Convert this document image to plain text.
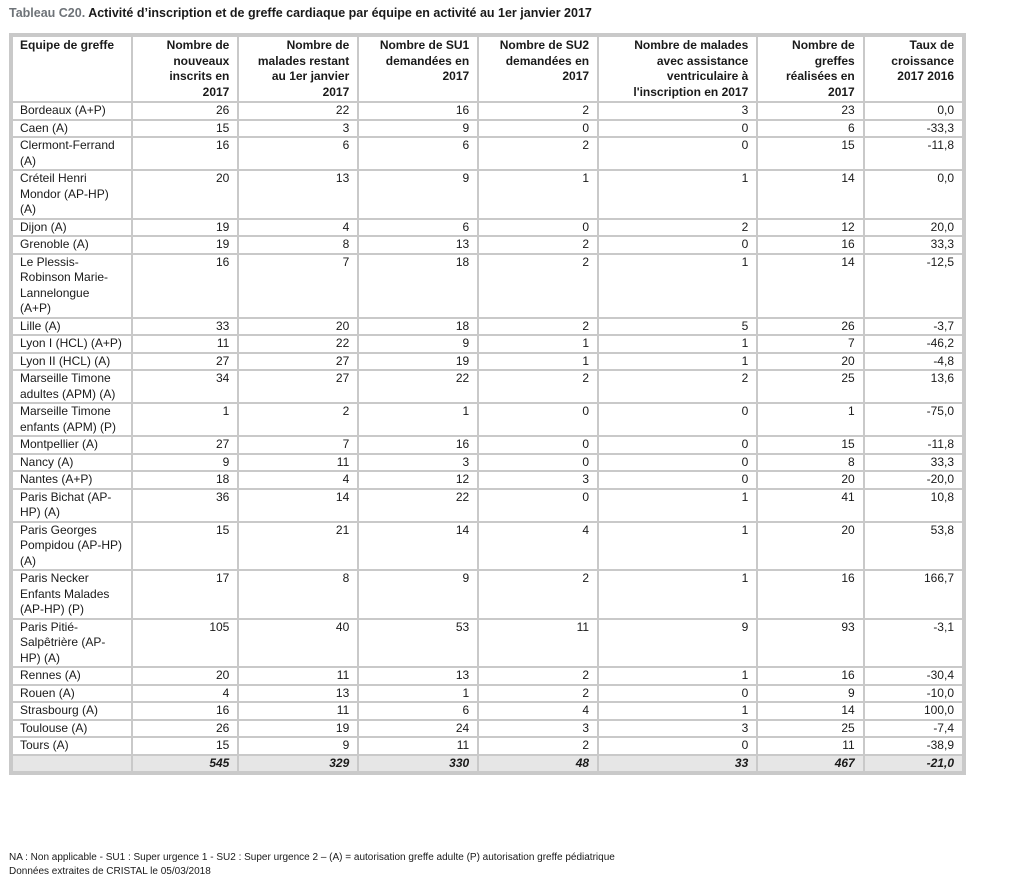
Tableau C20. Activité d’inscription et de greffe cardiaque par équipe en activité au 1er janvier 2017
Equipe de greffe	Nombre de nouveaux inscrits en 2017	Nombre de malades restant au 1er janvier 2017	Nombre de SU1 demandées en 2017	Nombre de SU2 demandées en 2017	Nombre de malades avec assistance ventriculaire à l'inscription en 2017	Nombre de greffes réalisées en 2017	Taux de croissance 2017 2016
Bordeaux (A+P)	26	22	16	2	3	23	0,0
Caen (A)	15	3	9	0	0	6	-33,3
Clermont-Ferrand (A)	16	6	6	2	0	15	-11,8
Créteil Henri Mondor (AP-HP) (A)	20	13	9	1	1	14	0,0
Dijon (A)	19	4	6	0	2	12	20,0
Grenoble (A)	19	8	13	2	0	16	33,3
Le Plessis-Robinson Marie-Lannelongue (A+P)	16	7	18	2	1	14	-12,5
Lille (A)	33	20	18	2	5	26	-3,7
Lyon I (HCL) (A+P)	11	22	9	1	1	7	-46,2
Lyon II (HCL) (A)	27	27	19	1	1	20	-4,8
Marseille Timone adultes (APM) (A)	34	27	22	2	2	25	13,6
Marseille Timone enfants (APM) (P)	1	2	1	0	0	1	-75,0
Montpellier (A)	27	7	16	0	0	15	-11,8
Nancy (A)	9	11	3	0	0	8	33,3
Nantes (A+P)	18	4	12	3	0	20	-20,0
Paris Bichat (AP-HP) (A)	36	14	22	0	1	41	10,8
Paris Georges Pompidou (AP-HP) (A)	15	21	14	4	1	20	53,8
Paris Necker Enfants Malades (AP-HP) (P)	17	8	9	2	1	16	166,7
Paris Pitié-Salpêtrière (AP-HP) (A)	105	40	53	11	9	93	-3,1
Rennes (A)	20	11	13	2	1	16	-30,4
Rouen (A)	4	13	1	2	0	9	-10,0
Strasbourg (A)	16	11	6	4	1	14	100,0
Toulouse (A)	26	19	24	3	3	25	-7,4
Tours (A)	15	9	11	2	0	11	-38,9
	545	329	330	48	33	467	-21,0
NA : Non applicable - SU1 : Super urgence 1 - SU2 : Super urgence 2 – (A) = autorisation greffe adulte (P) autorisation greffe pédiatrique
Données extraites de CRISTAL le 05/03/2018
